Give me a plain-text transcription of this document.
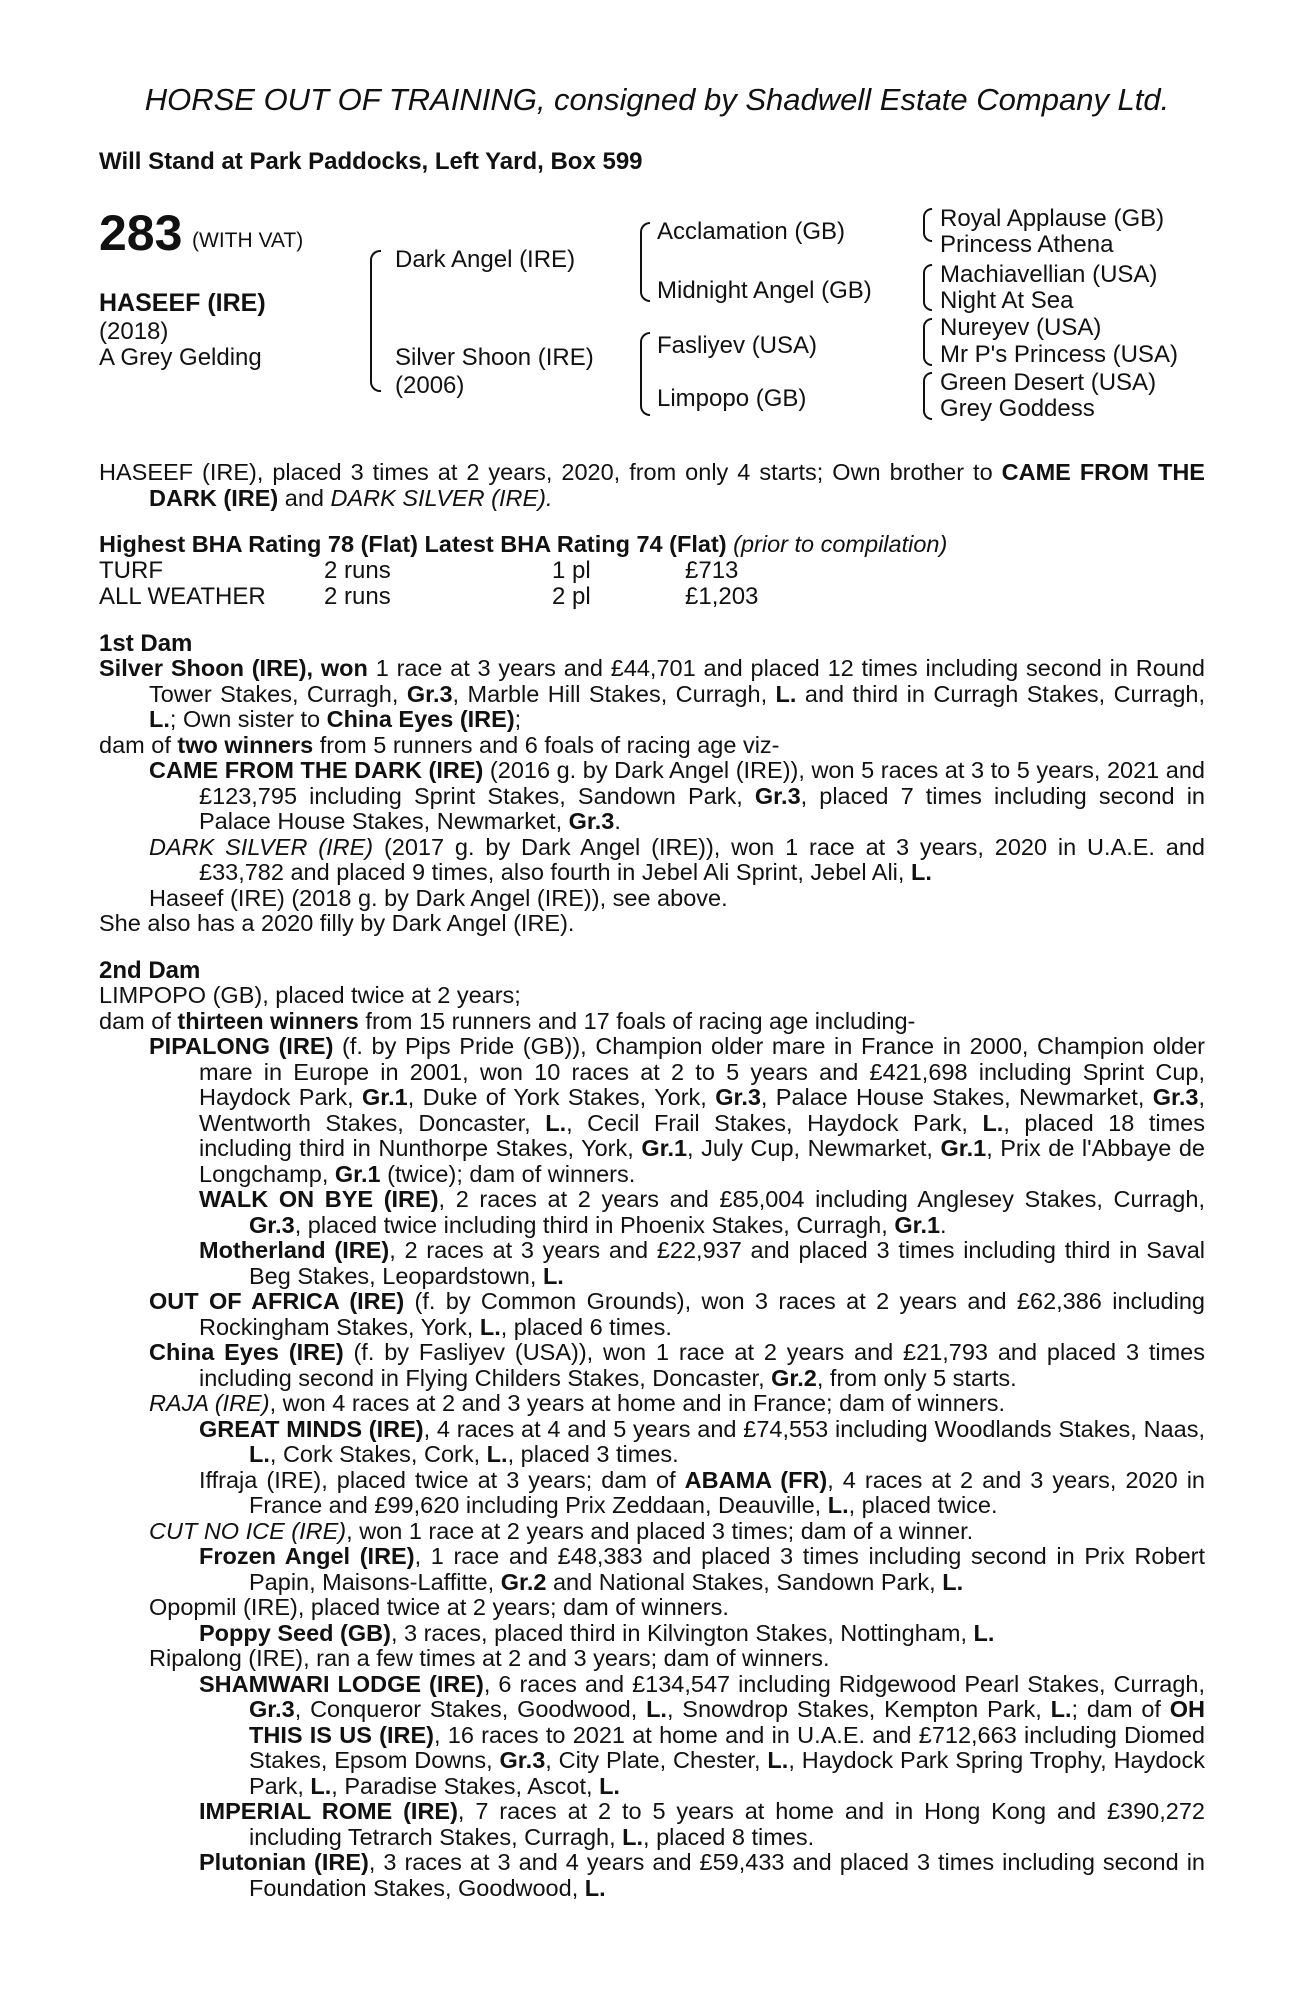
HORSE OUT OF TRAINING, consigned by Shadwell Estate Company Ltd.
Will Stand at Park Paddocks, Left Yard, Box 599
283 (WITH VAT)
HASEEF (IRE)
(2018)
A Grey Gelding
Dark Angel (IRE)
Silver Shoon (IRE)
(2006)
Acclamation (GB)
Midnight Angel (GB)
Fasliyev (USA)
Limpopo (GB)
Royal Applause (GB)
Princess Athena
Machiavellian (USA)
Night At Sea
Nureyev (USA)
Mr P's Princess (USA)
Green Desert (USA)
Grey Goddess

HASEEF (IRE), placed 3 times at 2 years, 2020, from only 4 starts; Own brother to CAME FROM THE DARK (IRE) and DARK SILVER (IRE).

Highest BHA Rating 78 (Flat) Latest BHA Rating 74 (Flat) (prior to compilation)

TURF	2 runs	1 pl	£713
ALL WEATHER	2 runs	2 pl	£1,203

1st Dam

Silver Shoon (IRE), won 1 race at 3 years and £44,701 and placed 12 times including second in Round Tower Stakes, Curragh, Gr.3, Marble Hill Stakes, Curragh, L. and third in Curragh Stakes, Curragh, L.; Own sister to China Eyes (IRE);

dam of two winners from 5 runners and 6 foals of racing age viz-

CAME FROM THE DARK (IRE) (2016 g. by Dark Angel (IRE)), won 5 races at 3 to 5 years, 2021 and £123,795 including Sprint Stakes, Sandown Park, Gr.3, placed 7 times including second in Palace House Stakes, Newmarket, Gr.3.

DARK SILVER (IRE) (2017 g. by Dark Angel (IRE)), won 1 race at 3 years, 2020 in U.A.E. and £33,782 and placed 9 times, also fourth in Jebel Ali Sprint, Jebel Ali, L.

Haseef (IRE) (2018 g. by Dark Angel (IRE)), see above.

She also has a 2020 filly by Dark Angel (IRE).

2nd Dam

LIMPOPO (GB), placed twice at 2 years;

dam of thirteen winners from 15 runners and 17 foals of racing age including-

PIPALONG (IRE) (f. by Pips Pride (GB)), Champion older mare in France in 2000, Champion older mare in Europe in 2001, won 10 races at 2 to 5 years and £421,698 including Sprint Cup, Haydock Park, Gr.1, Duke of York Stakes, York, Gr.3, Palace House Stakes, Newmarket, Gr.3, Wentworth Stakes, Doncaster, L., Cecil Frail Stakes, Haydock Park, L., placed 18 times including third in Nunthorpe Stakes, York, Gr.1, July Cup, Newmarket, Gr.1, Prix de l'Abbaye de Longchamp, Gr.1 (twice); dam of winners.

WALK ON BYE (IRE), 2 races at 2 years and £85,004 including Anglesey Stakes, Curragh, Gr.3, placed twice including third in Phoenix Stakes, Curragh, Gr.1.

Motherland (IRE), 2 races at 3 years and £22,937 and placed 3 times including third in Saval Beg Stakes, Leopardstown, L.

OUT OF AFRICA (IRE) (f. by Common Grounds), won 3 races at 2 years and £62,386 including Rockingham Stakes, York, L., placed 6 times.

China Eyes (IRE) (f. by Fasliyev (USA)), won 1 race at 2 years and £21,793 and placed 3 times including second in Flying Childers Stakes, Doncaster, Gr.2, from only 5 starts.

RAJA (IRE), won 4 races at 2 and 3 years at home and in France; dam of winners.

GREAT MINDS (IRE), 4 races at 4 and 5 years and £74,553 including Woodlands Stakes, Naas, L., Cork Stakes, Cork, L., placed 3 times.

Iffraja (IRE), placed twice at 3 years; dam of ABAMA (FR), 4 races at 2 and 3 years, 2020 in France and £99,620 including Prix Zeddaan, Deauville, L., placed twice.

CUT NO ICE (IRE), won 1 race at 2 years and placed 3 times; dam of a winner.

Frozen Angel (IRE), 1 race and £48,383 and placed 3 times including second in Prix Robert Papin, Maisons-Laffitte, Gr.2 and National Stakes, Sandown Park, L.

Opopmil (IRE), placed twice at 2 years; dam of winners.

Poppy Seed (GB), 3 races, placed third in Kilvington Stakes, Nottingham, L.

Ripalong (IRE), ran a few times at 2 and 3 years; dam of winners.

SHAMWARI LODGE (IRE), 6 races and £134,547 including Ridgewood Pearl Stakes, Curragh, Gr.3, Conqueror Stakes, Goodwood, L., Snowdrop Stakes, Kempton Park, L.; dam of OH THIS IS US (IRE), 16 races to 2021 at home and in U.A.E. and £712,663 including Diomed Stakes, Epsom Downs, Gr.3, City Plate, Chester, L., Haydock Park Spring Trophy, Haydock Park, L., Paradise Stakes, Ascot, L.

IMPERIAL ROME (IRE), 7 races at 2 to 5 years at home and in Hong Kong and £390,272 including Tetrarch Stakes, Curragh, L., placed 8 times.

Plutonian (IRE), 3 races at 3 and 4 years and £59,433 and placed 3 times including second in Foundation Stakes, Goodwood, L.
